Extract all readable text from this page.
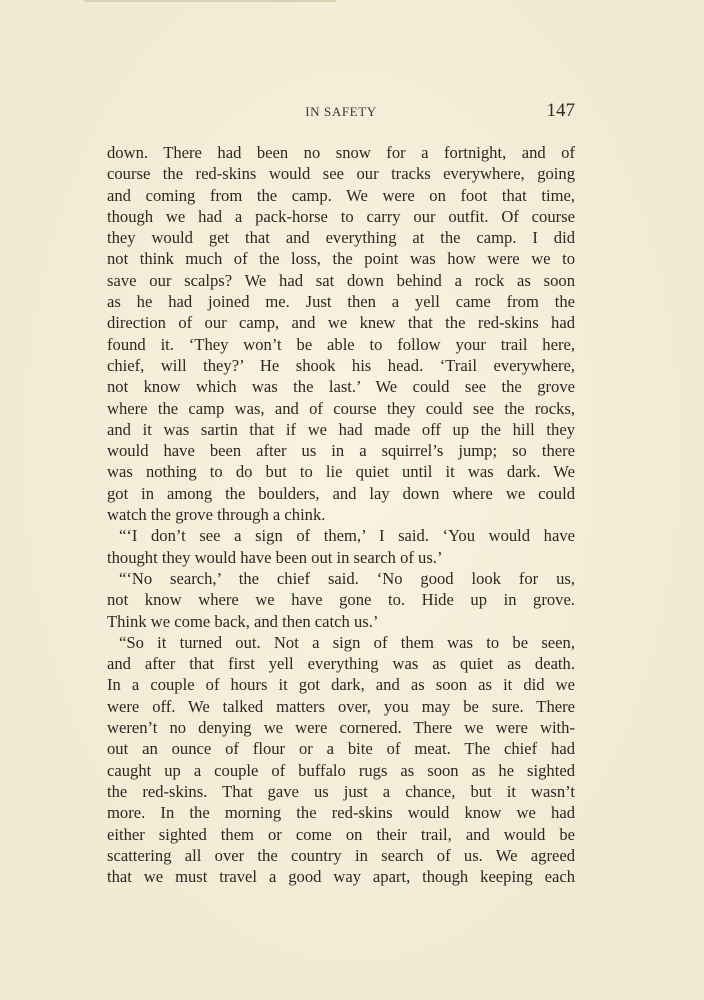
IN SAFETY	147
down. There had been no snow for a fortnight, and of
course the red-skins would see our tracks everywhere, going
and coming from the camp. We were on foot that time,
though we had a pack-horse to carry our outfit. Of course
they would get that and everything at the camp. I did
not think much of the loss, the point was how were we to
save our scalps? We had sat down behind a rock as soon
as he had joined me. Just then a yell came from the
direction of our camp, and we knew that the red-skins had
found it. ‘They won’t be able to follow your trail here,
chief, will they?’ He shook his head. ‘Trail everywhere,
not know which was the last.’ We could see the grove
where the camp was, and of course they could see the rocks,
and it was sartin that if we had made off up the hill they
would have been after us in a squirrel’s jump; so there
was nothing to do but to lie quiet until it was dark. We
got in among the boulders, and lay down where we could
watch the grove through a chink.
“‘I don’t see a sign of them,’ I said. ‘You would have
thought they would have been out in search of us.’
“‘No search,’ the chief said. ‘No good look for us,
not know where we have gone to. Hide up in grove.
Think we come back, and then catch us.’
“So it turned out. Not a sign of them was to be seen,
and after that first yell everything was as quiet as death.
In a couple of hours it got dark, and as soon as it did we
were off. We talked matters over, you may be sure. There
weren’t no denying we were cornered. There we were with-
out an ounce of flour or a bite of meat. The chief had
caught up a couple of buffalo rugs as soon as he sighted
the red-skins. That gave us just a chance, but it wasn’t
more. In the morning the red-skins would know we had
either sighted them or come on their trail, and would be
scattering all over the country in search of us. We agreed
that we must travel a good way apart, though keeping each
